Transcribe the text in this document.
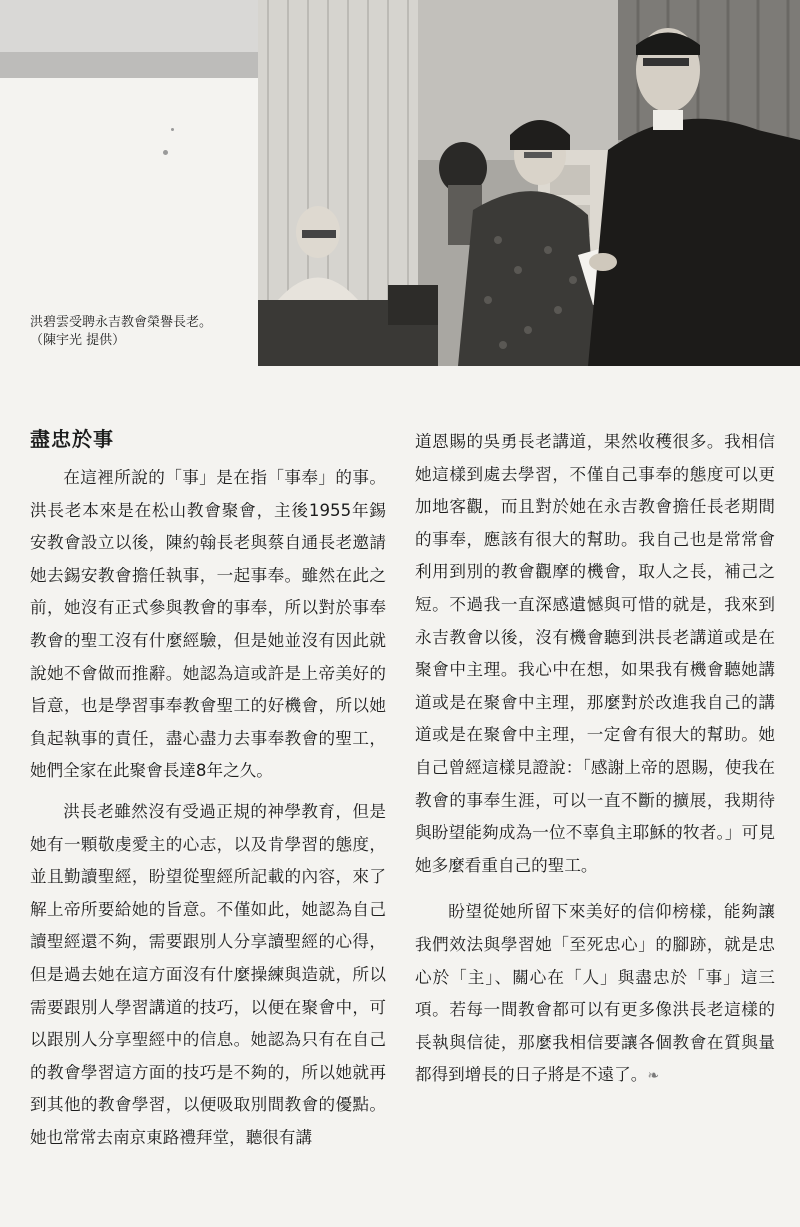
洪碧雲受聘永吉教會榮譽長老。
（陳宇光 提供）
盡忠於事

在這裡所說的「事」是在指「事奉」的事。洪長老本來是在松山教會聚會，主後1955年錫安教會設立以後，陳約翰長老與蔡自通長老邀請她去錫安教會擔任執事，一起事奉。雖然在此之前，她沒有正式參與教會的事奉，所以對於事奉教會的聖工沒有什麼經驗，但是她並沒有因此就說她不會做而推辭。她認為這或許是上帝美好的旨意，也是學習事奉教會聖工的好機會，所以她負起執事的責任，盡心盡力去事奉教會的聖工，她們全家在此聚會長達8年之久。

洪長老雖然沒有受過正規的神學教育，但是她有一顆敬虔愛主的心志，以及肯學習的態度，並且勤讀聖經，盼望從聖經所記載的內容，來了解上帝所要給她的旨意。不僅如此，她認為自己讀聖經還不夠，需要跟別人分享讀聖經的心得，但是過去她在這方面沒有什麼操練與造就，所以需要跟別人學習講道的技巧，以便在聚會中，可以跟別人分享聖經中的信息。她認為只有在自己的教會學習這方面的技巧是不夠的，所以她就再到其他的教會學習，以便吸取別間教會的優點。她也常常去南京東路禮拜堂，聽很有講

道恩賜的吳勇長老講道，果然收穫很多。我相信她這樣到處去學習，不僅自己事奉的態度可以更加地客觀，而且對於她在永吉教會擔任長老期間的事奉，應該有很大的幫助。我自己也是常常會利用到別的教會觀摩的機會，取人之長，補己之短。不過我一直深感遺憾與可惜的就是，我來到永吉教會以後，沒有機會聽到洪長老講道或是在聚會中主理。我心中在想，如果我有機會聽她講道或是在聚會中主理，那麼對於改進我自己的講道或是在聚會中主理，一定會有很大的幫助。她自己曾經這樣見證說：「感謝上帝的恩賜，使我在教會的事奉生涯，可以一直不斷的擴展，我期待與盼望能夠成為一位不辜負主耶穌的牧者。」可見她多麼看重自己的聖工。

盼望從她所留下來美好的信仰榜樣，能夠讓我們效法與學習她「至死忠心」的腳跡，就是忠心於「主」、關心在「人」與盡忠於「事」這三項。若每一間教會都可以有更多像洪長老這樣的長執與信徒，那麼我相信要讓各個教會在質與量都得到增長的日子將是不遠了。❧
